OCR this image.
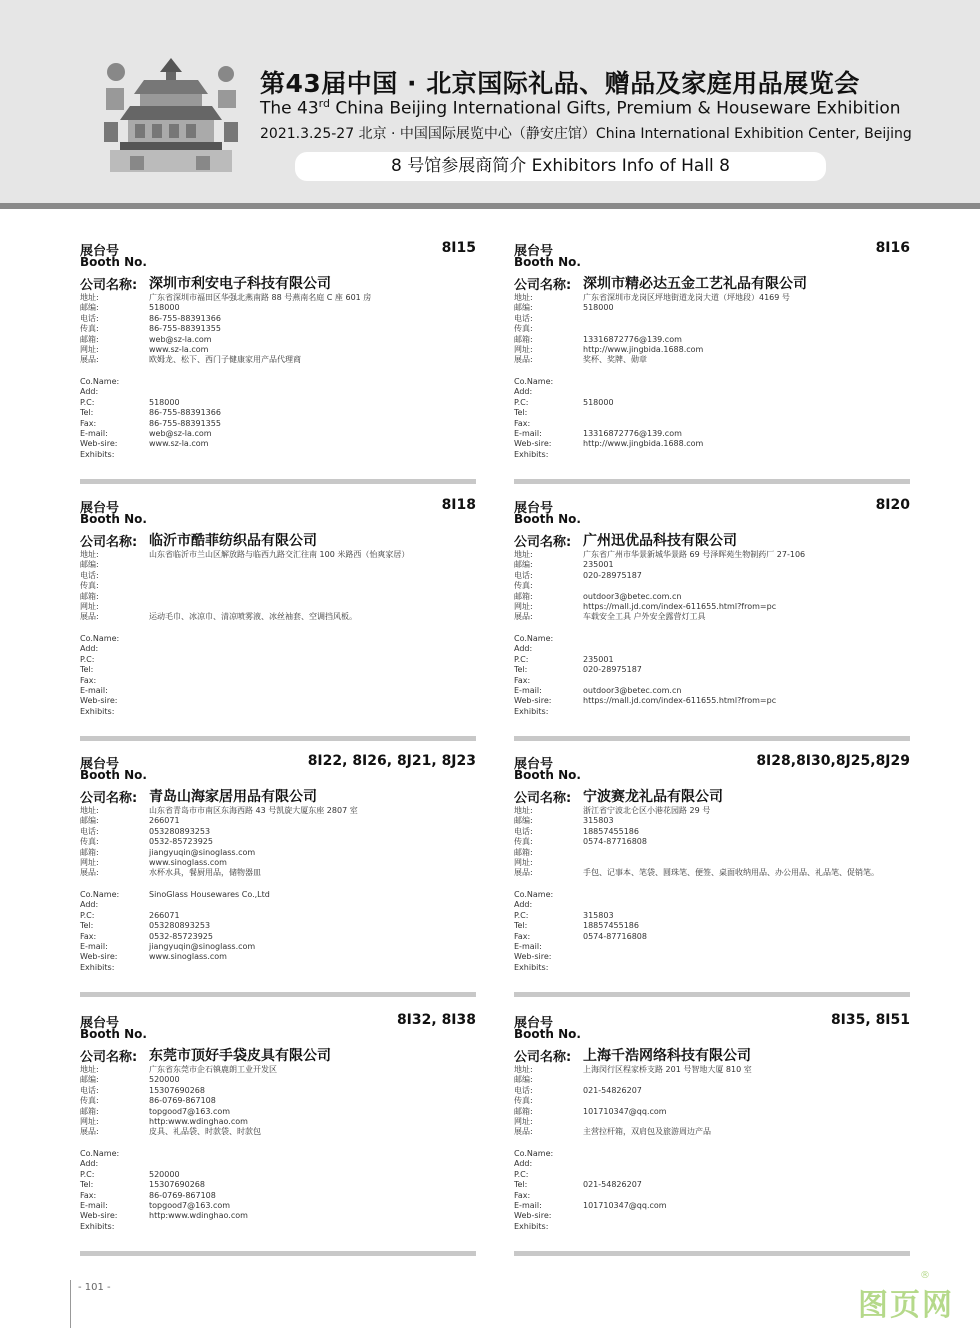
第43届中国 · 北京国际礼品、赠品及家庭用品展览会
The 43rd China Beijing International Gifts, Premium & Houseware Exhibition
2021.3.25-27 北京 · 中国国际展览中心（静安庄馆）China International Exhibition Center, Beijing
8 号馆参展商简介 Exhibitors Info of Hall 8
展台号
Booth No.
8I15
公司名称: 深圳市利安电子科技有限公司
地址:	广东省深圳市福田区华强北燕南路 88 号燕南名庭 C 座 601 房
邮编:	518000
电话:	86-755-88391366
传真:	86-755-88391355
邮箱:	web@sz-la.com
网址:	www.sz-la.com
展品:	欧姆龙、松下、西门子健康家用产品代理商
Co.Name:
Add:
P.C:	518000
Tel:	86-755-88391366
Fax:	86-755-88391355
E-mail:	web@sz-la.com
Web-sire:	www.sz-la.com
Exhibits:
展台号
Booth No.
8I16
公司名称: 深圳市精必达五金工艺礼品有限公司
地址:	广东省深圳市龙岗区坪地街道龙岗大道（坪地段）4169 号
邮编:	518000
电话:
传真:
邮箱:	13316872776@139.com
网址:	http://www.jingbida.1688.com
展品:	奖杯、奖牌、勋章
Co.Name:
Add:
P.C:	518000
Tel:
Fax:
E-mail:	13316872776@139.com
Web-sire:	http://www.jingbida.1688.com
Exhibits:
展台号
Booth No.
8I18
公司名称: 临沂市酷菲纺织品有限公司
地址:	山东省临沂市兰山区解放路与临西九路交汇往南 100 米路西（怡爽家居）
邮编:
电话:
传真:
邮箱:
网址:
展品:	运动毛巾、冰凉巾、清凉喷雾液、冰丝袖套、空调挡风板。
Co.Name:
Add:
P.C:
Tel:
Fax:
E-mail:
Web-sire:
Exhibits:
展台号
Booth No.
8I20
公司名称: 广州迅优品科技有限公司
地址:	广东省广州市华景新城华景路 69 号泽晖苑生物制药厂 27-106
邮编:	235001
电话:	020-28975187
传真:
邮箱:	outdoor3@betec.com.cn
网址:	https://mall.jd.com/index-611655.html?from=pc
展品:	车载安全工具 户外安全露营灯工具
Co.Name:
Add:
P.C:	235001
Tel:	020-28975187
Fax:
E-mail:	outdoor3@betec.com.cn
Web-sire:	https://mall.jd.com/index-611655.html?from=pc
Exhibits:
展台号
Booth No.
8I22, 8I26, 8J21, 8J23
公司名称: 青岛山海家居用品有限公司
地址:	山东省青岛市市南区东海西路 43 号凯旋大厦东座 2807 室
邮编:	266071
电话:	053280893253
传真:	0532-85723925
邮箱:	jiangyuqin@sinoglass.com
网址:	www.sinoglass.com
展品:	水杯水具，餐厨用品，储物器皿
Co.Name:	SinoGlass Housewares Co.,Ltd
Add:
P.C:	266071
Tel:	053280893253
Fax:	0532-85723925
E-mail:	jiangyuqin@sinoglass.com
Web-sire:	www.sinoglass.com
Exhibits:
展台号
Booth No.
8I28,8I30,8J25,8J29
公司名称: 宁波赛龙礼品有限公司
地址:	浙江省宁波北仑区小港花园路 29 号
邮编:	315803
电话:	18857455186
传真:	0574-87716808
邮箱:
网址:
展品:	手包、记事本、笔袋、圆珠笔、便签、桌面收纳用品、办公用品、礼品笔、促销笔。
Co.Name:
Add:
P.C:	315803
Tel:	18857455186
Fax:	0574-87716808
E-mail:
Web-sire:
Exhibits:
展台号
Booth No.
8I32, 8I38
公司名称: 东莞市顶好手袋皮具有限公司
地址:	广东省东莞市企石镇鹿朗工业开发区
邮编:	520000
电话:	15307690268
传真:	86-0769-867108
邮箱:	topgood7@163.com
网址:	http:www.wdinghao.com
展品:	皮具、礼品袋、时款袋、时款包
Co.Name:
Add:
P.C:	520000
Tel:	15307690268
Fax:	86-0769-867108
E-mail:	topgood7@163.com
Web-sire:	http:www.wdinghao.com
Exhibits:
展台号
Booth No.
8I35, 8I51
公司名称: 上海千浩网络科技有限公司
地址:	上海闵行区程家桥支路 201 号智地大厦 810 室
邮编:
电话:	021-54826207
传真:
邮箱:	101710347@qq.com
网址:
展品:	主营拉杆箱，双肩包及旅游周边产品
Co.Name:
Add:
P.C:
Tel:	021-54826207
Fax:
E-mail:	101710347@qq.com
Web-sire:
Exhibits:
- 101 -
图页网
®
